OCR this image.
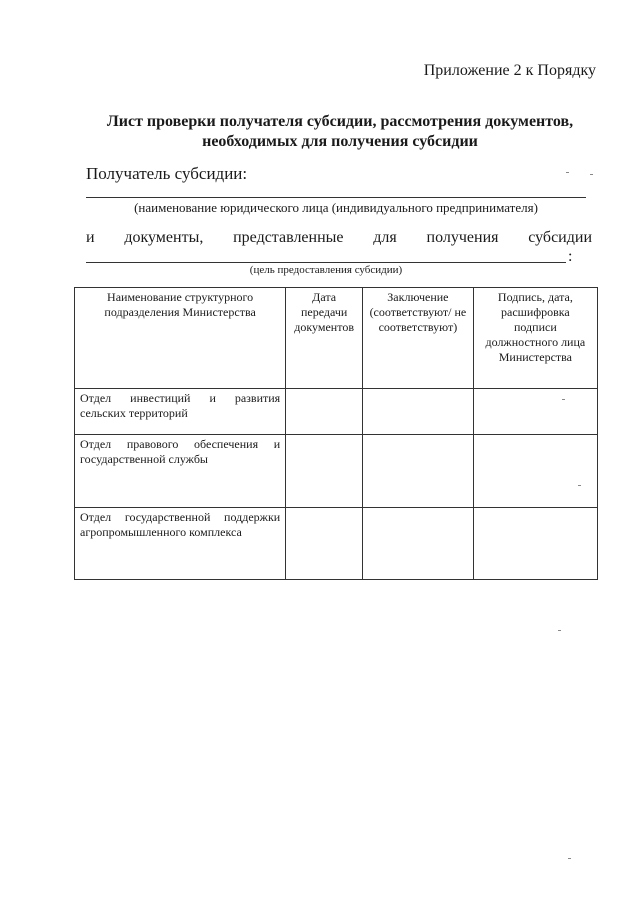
Приложение 2 к Порядку
Лист проверки получателя субсидии, рассмотрения документов,
необходимых для получения субсидии
Получатель субсидии:
(наименование юридического лица (индивидуального предпринимателя)
и документы, представленные для получения субсидии
:
(цель предоставления субсидии)
Наименование структурного подразделения Министерства	Дата передачи документов	Заключение (соответствуют/ не соответствуют)	Подпись, дата, расшифровка подписи должностного лица Министерства
Отдел инвестиций и развития сельских территорий			
Отдел правового обеспечения и государственной службы			
Отдел государственной поддержки агропромышленного комплекса			
